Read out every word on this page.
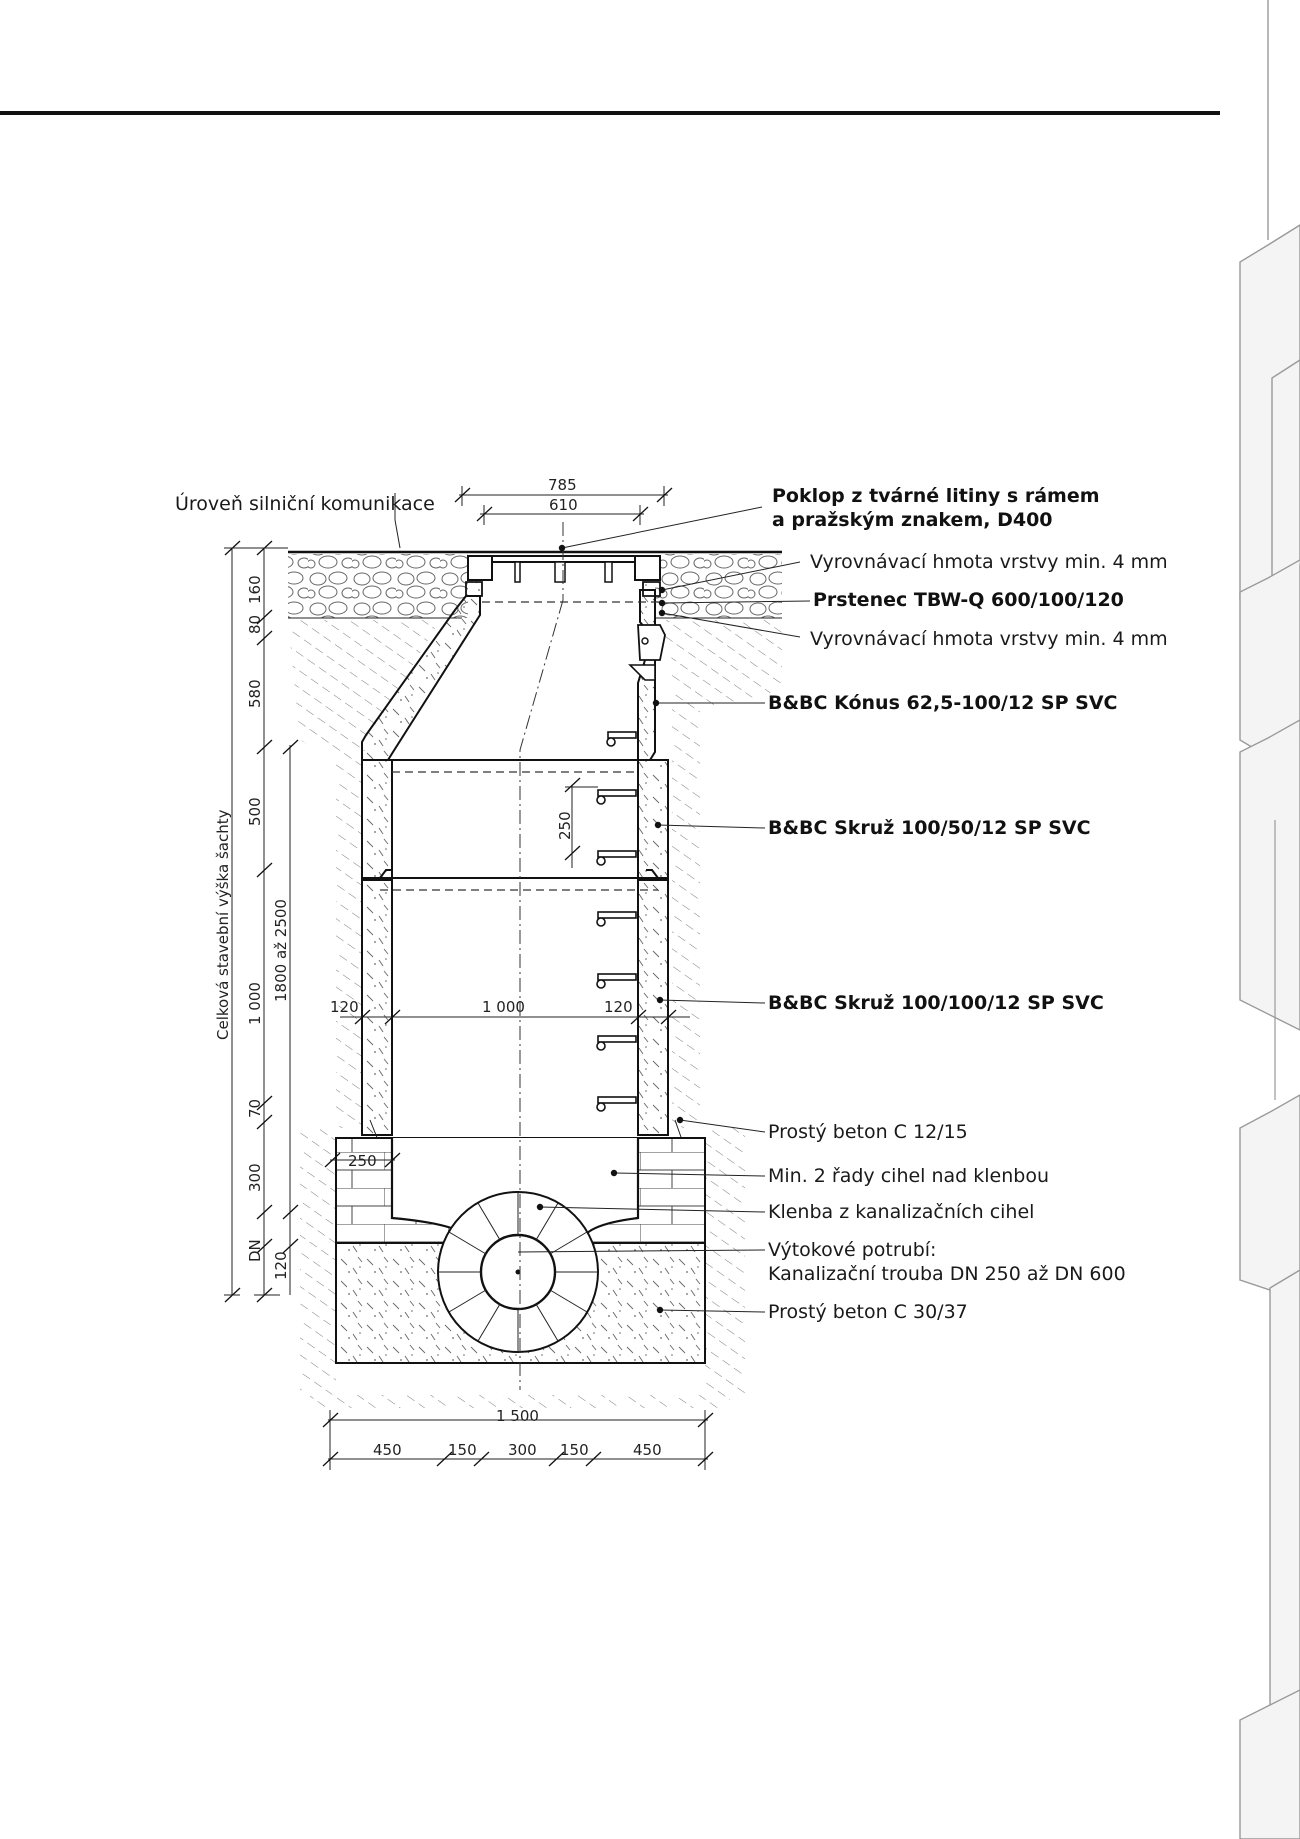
Úroveň silniční komunikace	Poklop z tvárné litiny s rámem
a pražským znakem, D400
Vyrovnávací hmota vrstvy min. 4 mm
Prstenec TBW-Q 600/100/120
Vyrovnávací hmota vrstvy min. 4 mm
B&BC Kónus 62,5-100/12 SP SVC
B&BC Skruž 100/50/12 SP SVC
B&BC Skruž 100/100/12 SP SVC
Prostý beton C 12/15
Min. 2 řady cihel nad klenbou
Klenba z kanalizačních cihel
Výtokové potrubí:
Kanalizační trouba DN 250 až DN 600
Prostý beton C 30/37
785
610
Celková stavební výška šachty
160
80
580
500
1 000
70
300
DN
120
1800 až 2500
250
120	1 000	120
250
1 500
450	150 300 150	450
